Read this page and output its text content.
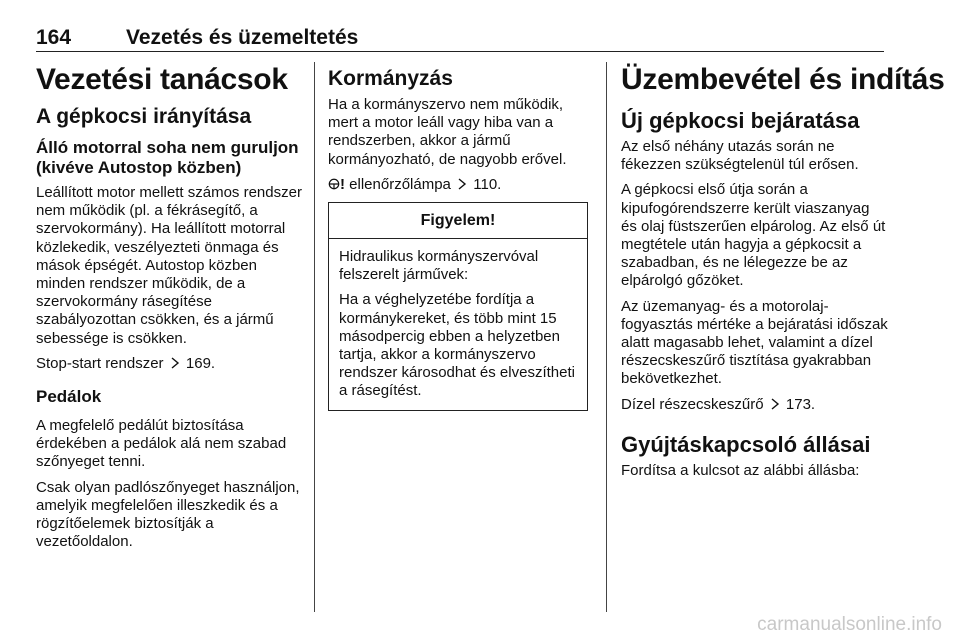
164	Vezetés és üzemeltetés
Vezetési tanácsok
A gépkocsi irányítása
Álló motorral soha nem guruljon (kivéve Autostop közben)

Leállított motor mellett számos rendszer nem működik (pl. a fékrásegítő, a szervokormány). Ha leállított motorral közlekedik, veszélyezteti önmaga és mások épségét. Autostop közben minden rendszer működik, de a szervokormány rásegítése szabályozottan csökken, és a jármű sebessége is csökken.

Stop-start rendszer 169.

Pedálok

A megfelelő pedálút biztosítása érdekében a pedálok alá nem szabad szőnyeget tenni.

Csak olyan padlószőnyeget használjon, amelyik megfelelően illeszkedik és a rögzítőelemek biztosítják a vezetőoldalon.

Kormányzás

Ha a kormányszervo nem működik, mert a motor leáll vagy hiba van a rendszerben, akkor a jármű kormányozható, de nagyobb erővel.

! ellenőrzőlámpa 110.

Figyelem!

Hidraulikus kormányszervóval felszerelt járművek:

Ha a véghelyzetébe fordítja a kormánykereket, és több mint 15 másodpercig ebben a helyzetben tartja, akkor a kormányszervo rendszer károsodhat és elveszítheti a rásegítést.

Üzembevétel és indítás
Új gépkocsi bejáratása

Az első néhány utazás során ne fékezzen szükségtelenül túl erősen.

A gépkocsi első útja során a kipufogórendszerre került viaszanyag és olaj füstszerűen elpárolog. Az első út megtétele után hagyja a gépkocsit a szabadban, és ne lélegezze be az elpárolgó gőzöket.

Az üzemanyag- és a motorolaj-fogyasztás mértéke a bejáratási időszak alatt magasabb lehet, valamint a dízel részecskeszűrő tisztítása gyakrabban bekövetkezhet.

Dízel részecskeszűrő 173.

Gyújtáskapcsoló állásai

Fordítsa a kulcsot az alábbi állásba:

carmanualsonline.info
